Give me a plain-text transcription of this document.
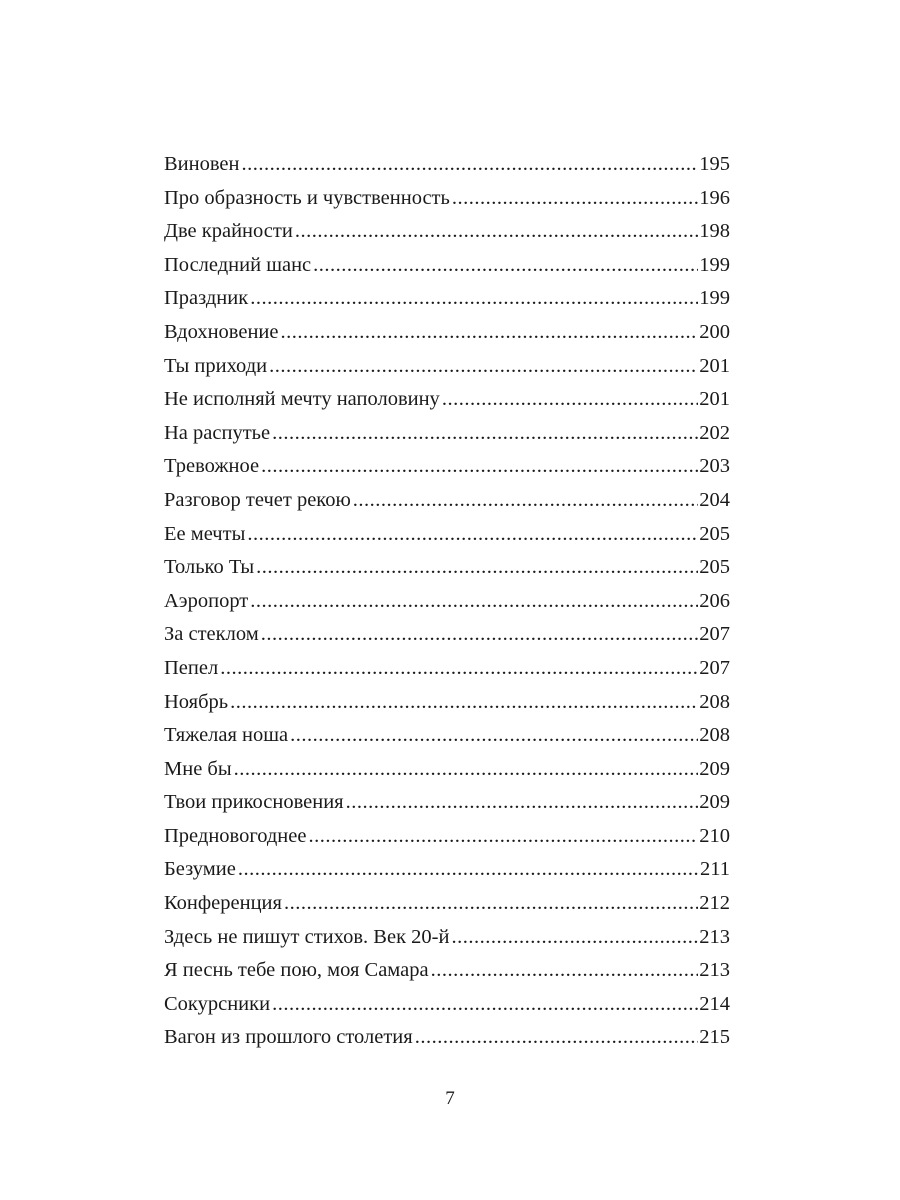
Виновен .....	195
Про образность и чувственность .....	196
Две крайности .....	198
Последний шанс .....	199
Праздник .....	199
Вдохновение .....	200
Ты приходи .....	201
Не исполняй мечту наполовину .....	201
На распутье .....	202
Тревожное .....	203
Разговор течет рекою .....	204
Ее мечты .....	205
Только Ты .....	205
Аэропорт .....	206
За стеклом .....	207
Пепел .....	207
Ноябрь .....	208
Тяжелая ноша .....	208
Мне бы .....	209
Твои прикосновения .....	209
Предновогоднее .....	210
Безумие .....	211
Конференция .....	212
Здесь не пишут стихов. Век 20-й .....	213
Я песнь тебе пою, моя Самара .....	213
Сокурсники .....	214
Вагон из прошлого столетия .....	215
7
